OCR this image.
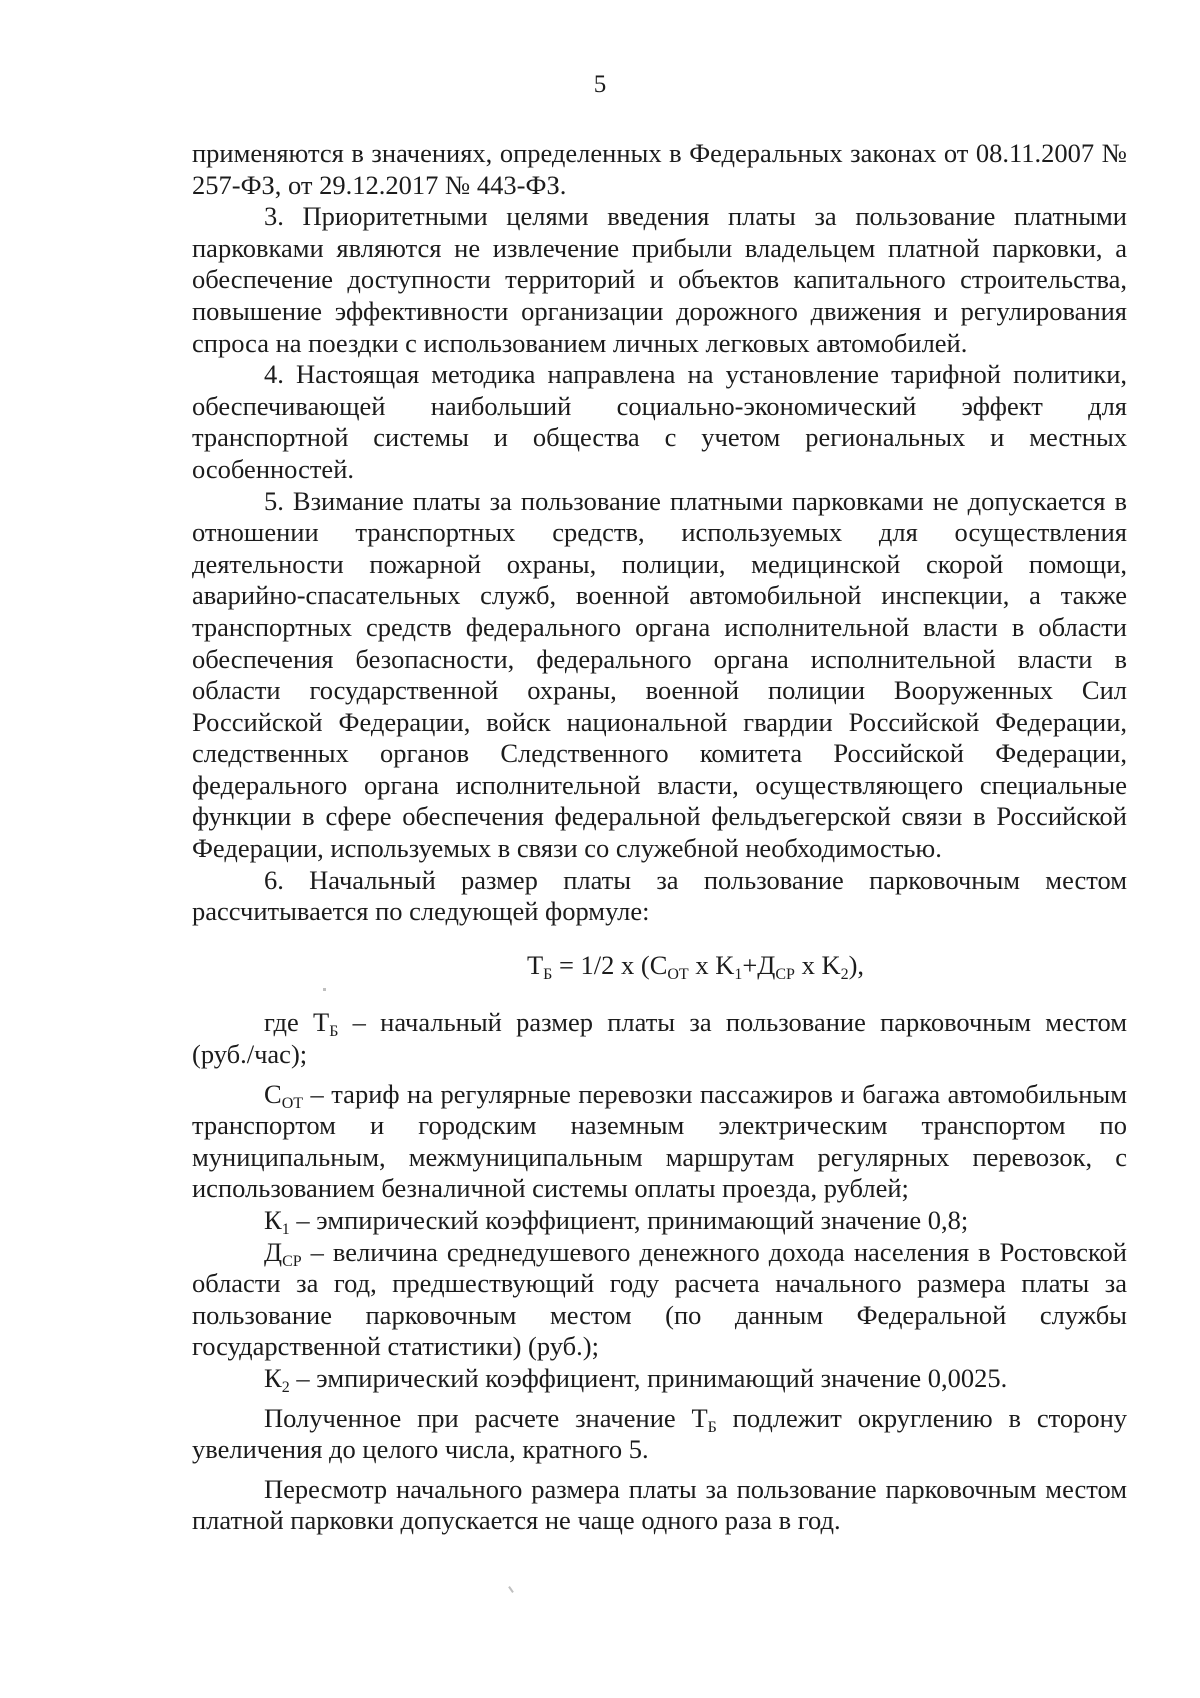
5

применяются в значениях, определенных в Федеральных законах от 08.11.2007 № 257-ФЗ, от 29.12.2017 № 443-ФЗ.

3. Приоритетными целями введения платы за пользование платными парковками являются не извлечение прибыли владельцем платной парковки, а обеспечение доступности территорий и объектов капитального строительства, повышение эффективности организации дорожного движения и регулирования спроса на поездки с использованием личных легковых автомобилей.

4. Настоящая методика направлена на установление тарифной политики, обеспечивающей наибольший социально-экономический эффект для транспортной системы и общества с учетом региональных и местных особенностей.

5. Взимание платы за пользование платными парковками не допускается в отношении транспортных средств, используемых для осуществления деятельности пожарной охраны, полиции, медицинской скорой помощи, аварийно-спасательных служб, военной автомобильной инспекции, а также транспортных средств федерального органа исполнительной власти в области обеспечения безопасности, федерального органа исполнительной власти в области государственной охраны, военной полиции Вооруженных Сил Российской Федерации, войск национальной гвардии Российской Федерации, следственных органов Следственного комитета Российской Федерации, федерального органа исполнительной власти, осуществляющего специальные функции в сфере обеспечения федеральной фельдъегерской связи в Российской Федерации, используемых в связи со служебной необходимостью.

6. Начальный размер платы за пользование парковочным местом рассчитывается по следующей формуле:

$Т_Б = 1/2$ x ($С_{ОТ}$ x $K_1+Д_{СР}$ x $K_2$),

где $Т_Б$ – начальный размер платы за пользование парковочным местом (руб./час);

$С_{ОТ}$ – тариф на регулярные перевозки пассажиров и багажа автомобильным транспортом и городским наземным электрическим транспортом по муниципальным, межмуниципальным маршрутам регулярных перевозок, с использованием безналичной системы оплаты проезда, рублей;

$К_1$ – эмпирический коэффициент, принимающий значение 0,8;

$Д_{СР}$ – величина среднедушевого денежного дохода населения в Ростовской области за год, предшествующий году расчета начального размера платы за пользование парковочным местом (по данным Федеральной службы государственной статистики) (руб.);

$К_2$ – эмпирический коэффициент, принимающий значение 0,0025.

Полученное при расчете значение $Т_Б$ подлежит округлению в сторону увеличения до целого числа, кратного 5.

Пересмотр начального размера платы за пользование парковочным местом платной парковки допускается не чаще одного раза в год.
